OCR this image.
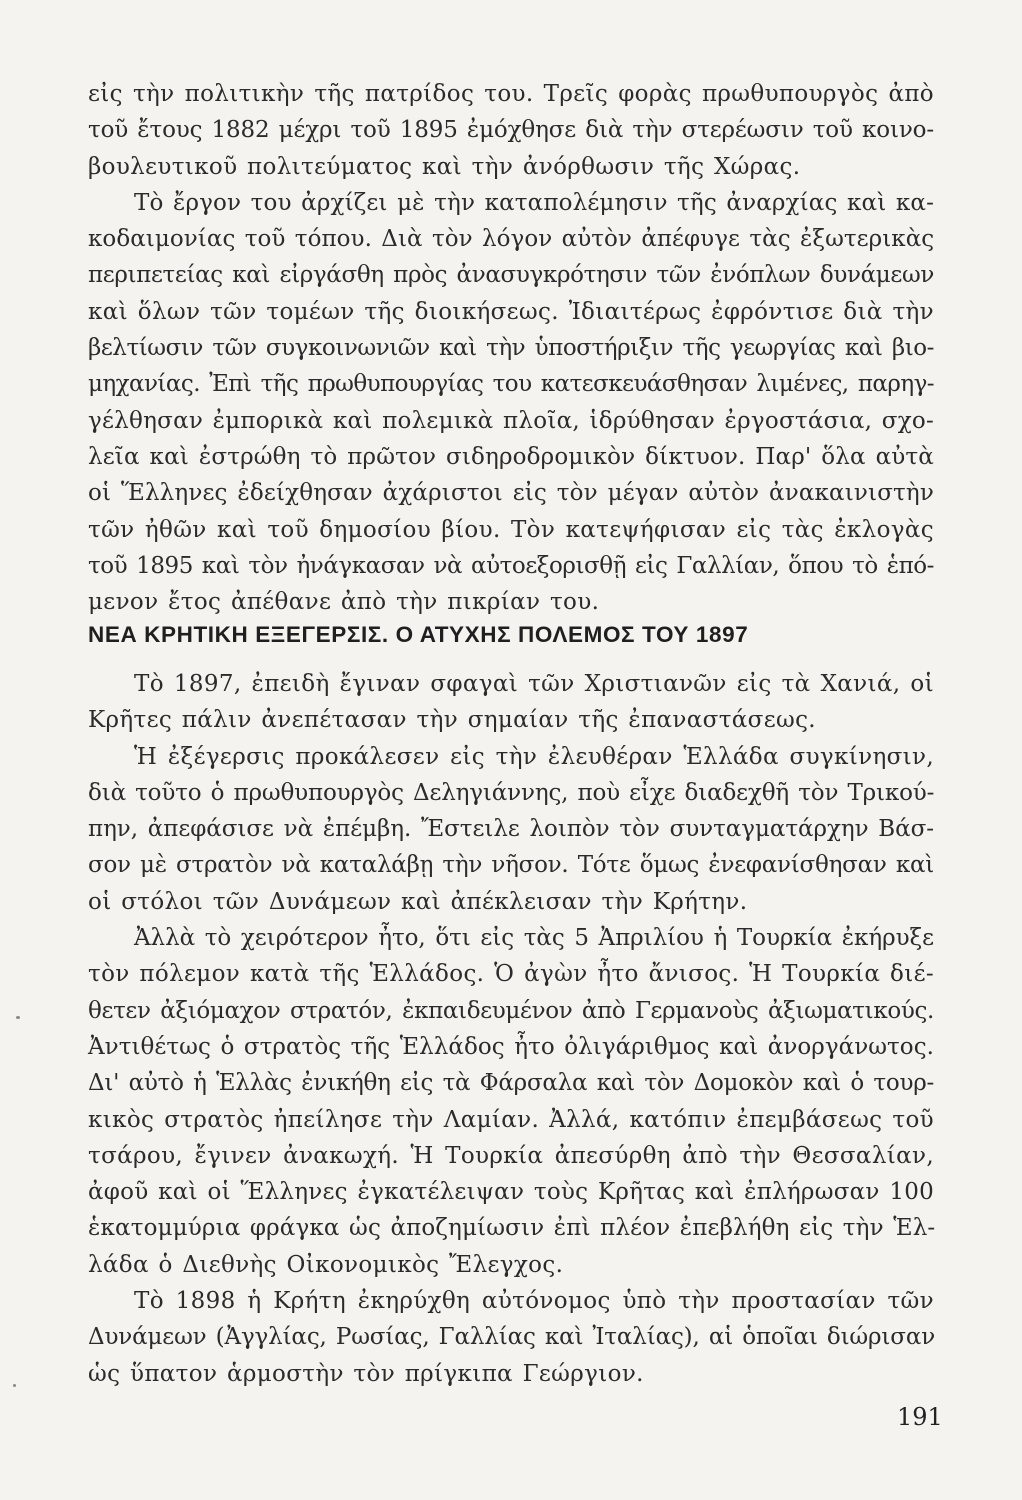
εἰς τὴν πολιτικὴν τῆς πατρίδος του. Τρεῖς φορὰς πρωθυπουργὸς ἀπὸ
τοῦ ἔτους 1882 μέχρι τοῦ 1895 ἐμόχθησε διὰ τὴν στερέωσιν τοῦ κοινο-
βουλευτικοῦ πολιτεύματος καὶ τὴν ἀνόρθωσιν τῆς Χώρας.
Τὸ ἔργον του ἀρχίζει μὲ τὴν καταπολέμησιν τῆς ἀναρχίας καὶ κα-
κοδαιμονίας τοῦ τόπου. Διὰ τὸν λόγον αὐτὸν ἀπέφυγε τὰς ἐξωτερικὰς
περιπετείας καὶ εἰργάσθη πρὸς ἀνασυγκρότησιν τῶν ἐνόπλων δυνάμεων
καὶ ὅλων τῶν τομέων τῆς διοικήσεως. Ἰδιαιτέρως ἐφρόντισε διὰ τὴν
βελτίωσιν τῶν συγκοινωνιῶν καὶ τὴν ὑποστήριξιν τῆς γεωργίας καὶ βιο-
μηχανίας. Ἐπὶ τῆς πρωθυπουργίας του κατεσκευάσθησαν λιμένες, παρηγ-
γέλθησαν ἐμπορικὰ καὶ πολεμικὰ πλοῖα, ἱδρύθησαν ἐργοστάσια, σχο-
λεῖα καὶ ἐστρώθη τὸ πρῶτον σιδηροδρομικὸν δίκτυον. Παρ' ὅλα αὐτὰ
οἱ Ἕλληνες ἐδείχθησαν ἀχάριστοι εἰς τὸν μέγαν αὐτὸν ἀνακαινιστὴν
τῶν ἠθῶν καὶ τοῦ δημοσίου βίου. Τὸν κατεψήφισαν εἰς τὰς ἐκλογὰς
τοῦ 1895 καὶ τὸν ἠνάγκασαν νὰ αὐτοεξορισθῇ εἰς Γαλλίαν, ὅπου τὸ ἑπό-
μενον ἔτος ἀπέθανε ἀπὸ τὴν πικρίαν του.
ΝΕΑ ΚΡΗΤΙΚΗ ΕΞΕΓΕΡΣΙΣ. Ο ΑΤΥΧΗΣ ΠΟΛΕΜΟΣ ΤΟΥ 1897
Τὸ 1897, ἐπειδὴ ἔγιναν σφαγαὶ τῶν Χριστιανῶν εἰς τὰ Χανιά, οἱ
Κρῆτες πάλιν ἀνεπέτασαν τὴν σημαίαν τῆς ἐπαναστάσεως.
Ἡ ἐξέγερσις προκάλεσεν εἰς τὴν ἐλευθέραν Ἑλλάδα συγκίνησιν,
διὰ τοῦτο ὁ πρωθυπουργὸς Δεληγιάννης, ποὺ εἶχε διαδεχθῆ τὸν Τρικού-
πην, ἀπεφάσισε νὰ ἐπέμβη. Ἔστειλε λοιπὸν τὸν συνταγματάρχην Βάσ-
σον μὲ στρατὸν νὰ καταλάβῃ τὴν νῆσον. Τότε ὅμως ἐνεφανίσθησαν καὶ
οἱ στόλοι τῶν Δυνάμεων καὶ ἀπέκλεισαν τὴν Κρήτην.
Ἀλλὰ τὸ χειρότερον ἦτο, ὅτι εἰς τὰς 5 Ἀπριλίου ἡ Τουρκία ἐκήρυξε
τὸν πόλεμον κατὰ τῆς Ἑλλάδος. Ὁ ἀγὼν ἦτο ἄνισος. Ἡ Τουρκία διέ-
θετεν ἀξιόμαχον στρατόν, ἐκπαιδευμένον ἀπὸ Γερμανοὺς ἀξιωματικούς.
Ἀντιθέτως ὁ στρατὸς τῆς Ἑλλάδος ἦτο ὀλιγάριθμος καὶ ἀνοργάνωτος.
Δι' αὐτὸ ἡ Ἑλλὰς ἐνικήθη εἰς τὰ Φάρσαλα καὶ τὸν Δομοκὸν καὶ ὁ τουρ-
κικὸς στρατὸς ἠπείλησε τὴν Λαμίαν. Ἀλλά, κατόπιν ἐπεμβάσεως τοῦ
τσάρου, ἔγινεν ἀνακωχή. Ἡ Τουρκία ἀπεσύρθη ἀπὸ τὴν Θεσσαλίαν,
ἀφοῦ καὶ οἱ Ἕλληνες ἐγκατέλειψαν τοὺς Κρῆτας καὶ ἐπλήρωσαν 100
ἑκατομμύρια φράγκα ὡς ἀποζημίωσιν ἐπὶ πλέον ἐπεβλήθη εἰς τὴν Ἑλ-
λάδα ὁ Διεθνὴς Οἰκονομικὸς Ἔλεγχος.
Τὸ 1898 ἡ Κρήτη ἐκηρύχθη αὐτόνομος ὑπὸ τὴν προστασίαν τῶν
Δυνάμεων (Ἀγγλίας, Ρωσίας, Γαλλίας καὶ Ἰταλίας), αἱ ὁποῖαι διώρισαν
ὡς ὕπατον ἁρμοστὴν τὸν πρίγκιπα Γεώργιον.
191
